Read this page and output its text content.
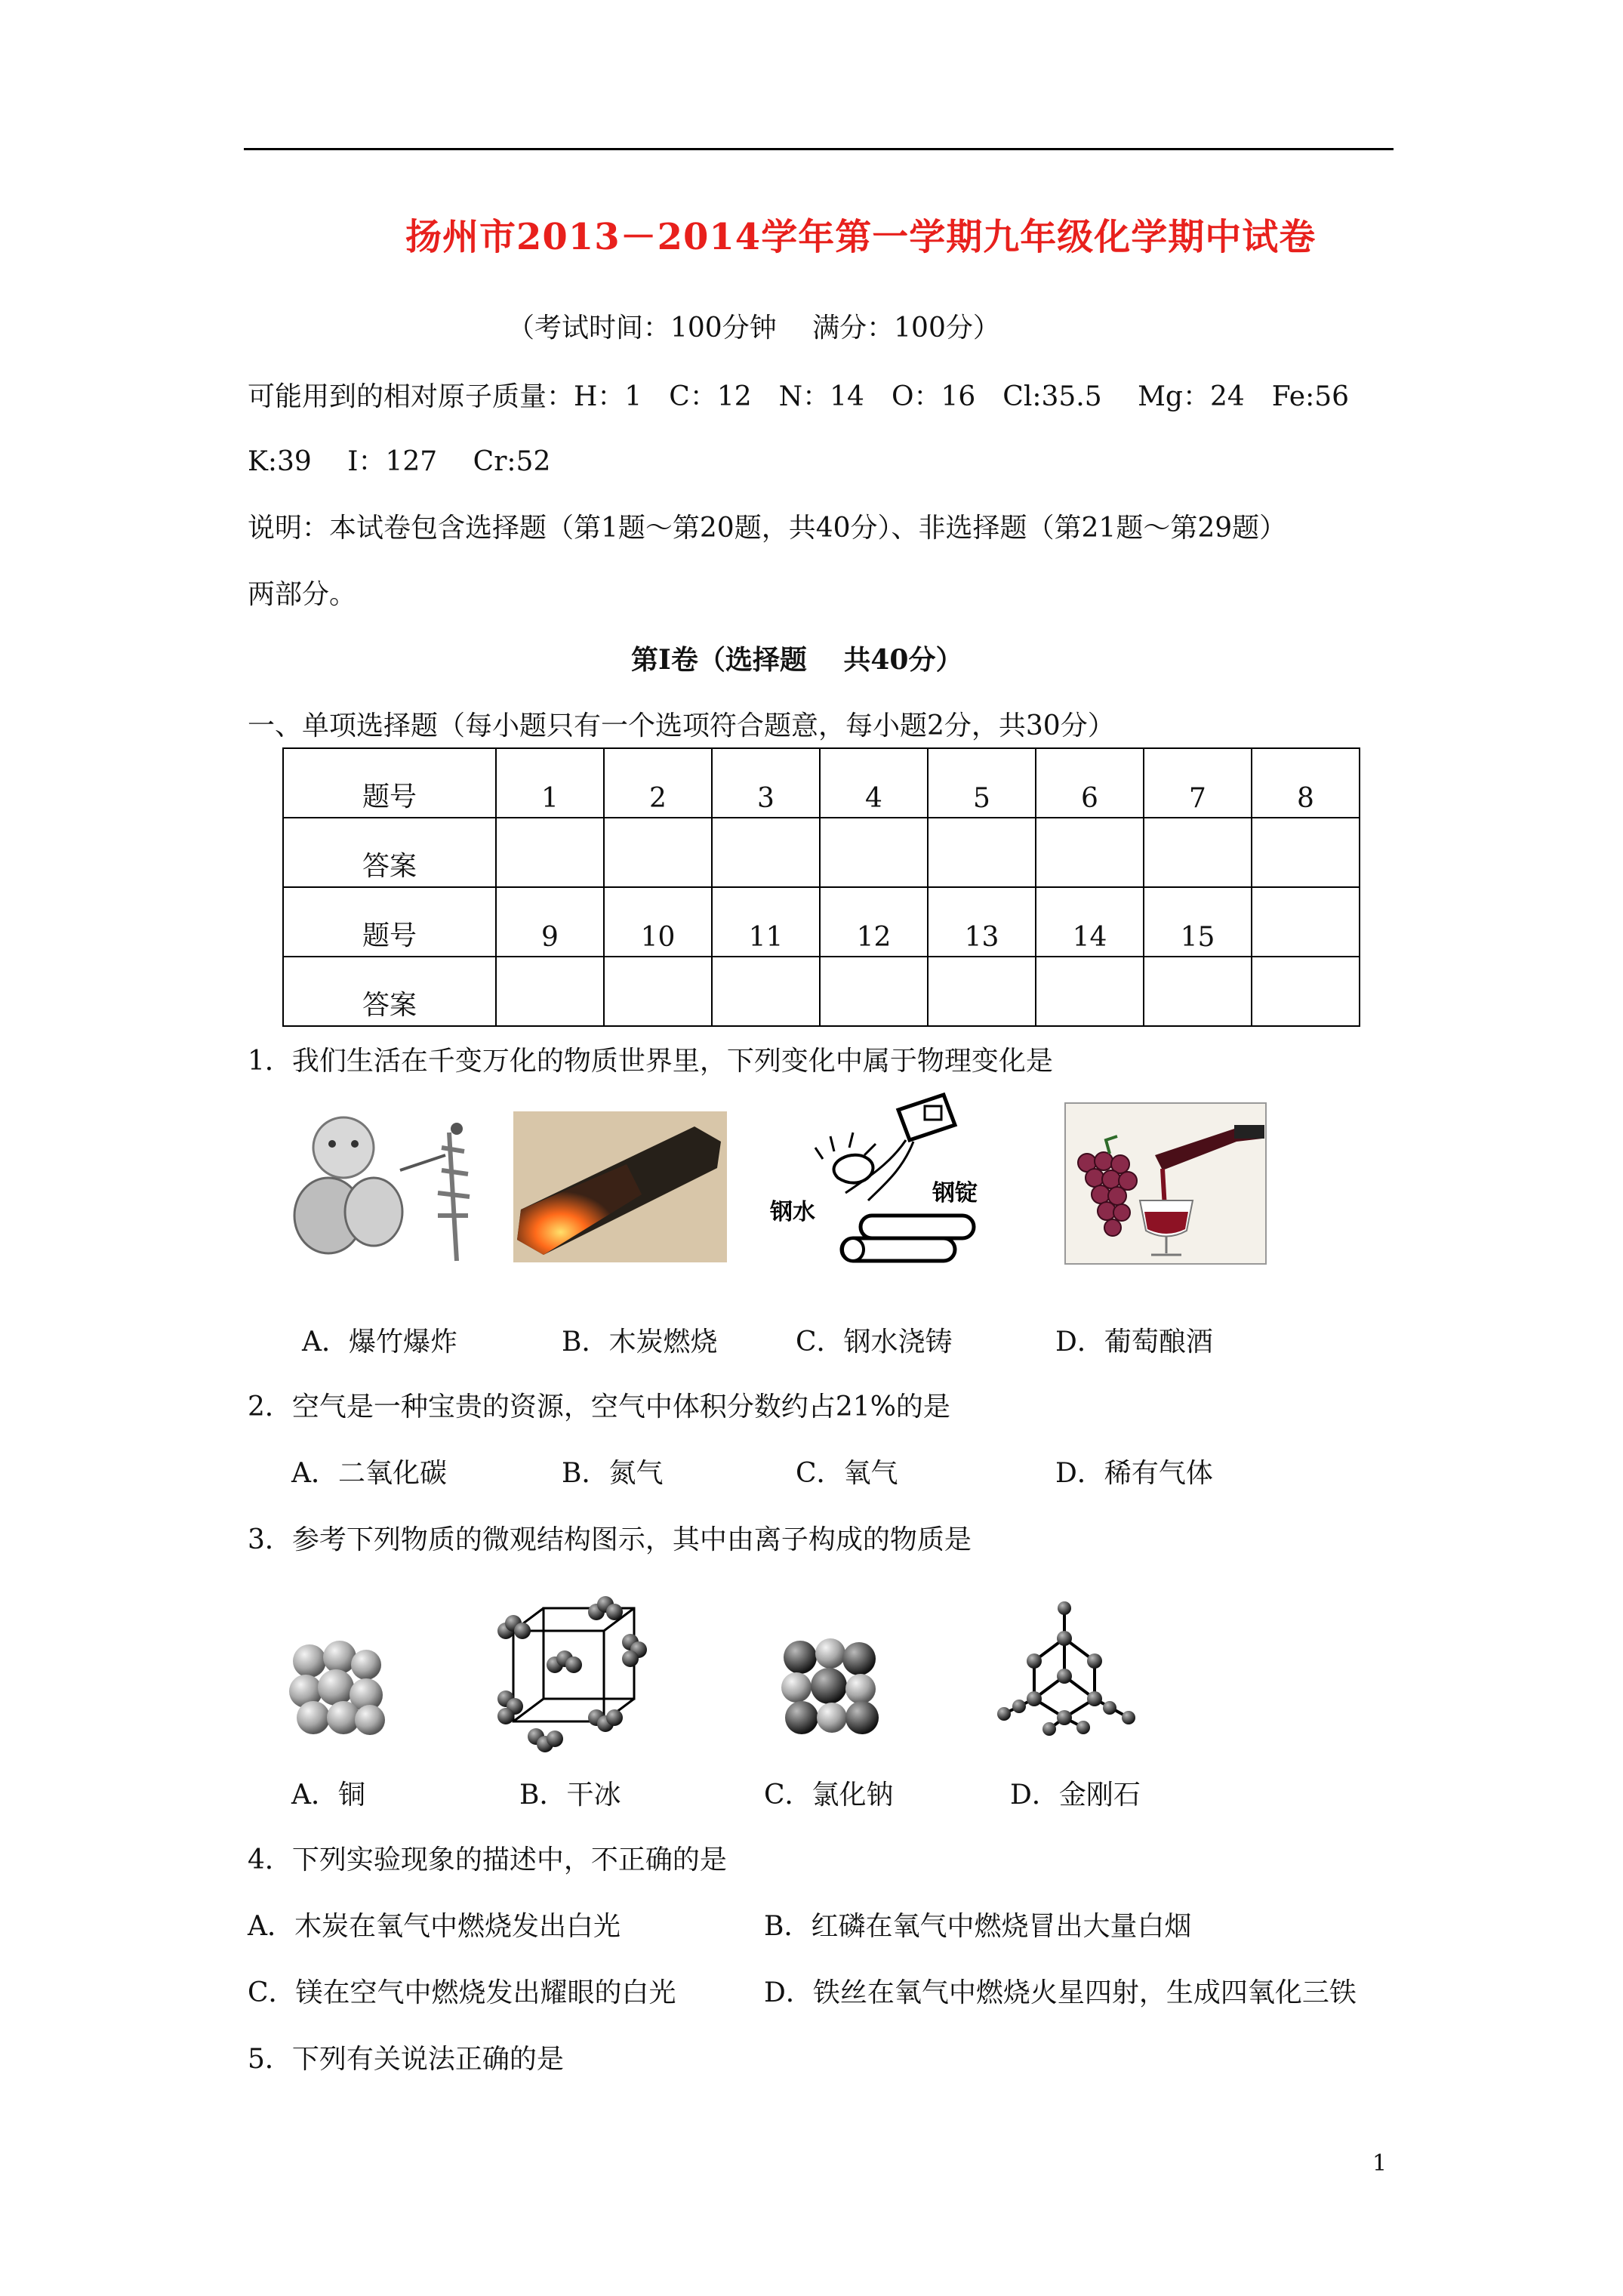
扬州市2013－2014学年第一学期九年级化学期中试卷
（考试时间：100分钟　 满分：100分）
可能用到的相对原子质量：H：1　C：12　N：14　O：16　Cl:35.5　 Mg：24　Fe:56
K:39　 I：127　 Cr:52
说明：本试卷包含选择题（第1题～第20题，共40分）、非选择题（第21题～第29题）
两部分。
第Ⅰ卷（选择题　 共40分）
一、单项选择题（每小题只有一个选项符合题意，每小题2分，共30分）
题号	1	2	3	4	5	6	7	8
答案								
题号	9	10	11	12	13	14	15	
答案								
1．我们生活在千变万化的物质世界里，下列变化中属于物理变化是
钢水
钢锭
A．爆竹爆炸	B．木炭燃烧	C．钢水浇铸	D．葡萄酿酒
2．空气是一种宝贵的资源，空气中体积分数约占21%的是
A．二氧化碳	B．氮气	C．氧气	D．稀有气体
3．参考下列物质的微观结构图示，其中由离子构成的物质是
A．铜	B．干冰	C．氯化钠	D．金刚石
4．下列实验现象的描述中，不正确的是
A．木炭在氧气中燃烧发出白光	B．红磷在氧气中燃烧冒出大量白烟
C．镁在空气中燃烧发出耀眼的白光	D．铁丝在氧气中燃烧火星四射，生成四氧化三铁
5．下列有关说法正确的是
1
